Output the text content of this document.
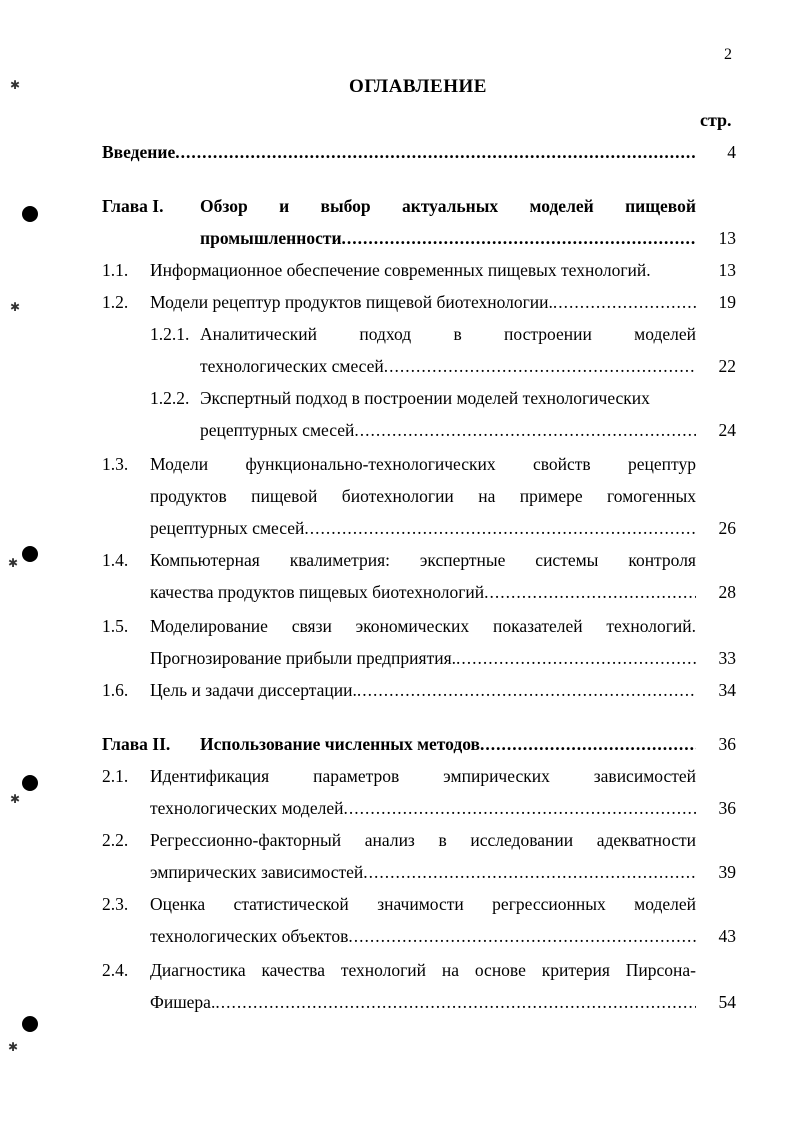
2
ОГЛАВЛЕНИЕ
стр.
✱
✱
✱
✱
✱
Введение .....	4
Глава I. Обзор и выбор актуальных моделей пищевой
промышленности .....	13
1.1. Информационное обеспечение современных пищевых технологий.	13
1.2. Модели рецептур продуктов пищевой биотехнологии. .....	19
1.2.1. Аналитический подход в построении моделей
технологических смесей .....	22
1.2.2. Экспертный подход в построении моделей технологических
рецептурных смесей .....	24
1.3. Модели функционально-технологических свойств рецептур
продуктов пищевой биотехнологии на примере гомогенных
рецептурных смесей .....	26
1.4. Компьютерная квалиметрия: экспертные системы контроля
качества продуктов пищевых биотехнологий .....	28
1.5. Моделирование связи экономических показателей технологий.
Прогнозирование прибыли предприятия. .....	33
1.6. Цель и задачи диссертации. .....	34
Глава II. Использование численных методов .....	36
2.1. Идентификация	параметров	эмпирических	зависимостей
технологических моделей .....	36
2.2. Регрессионно-факторный анализ в исследовании адекватности
эмпирических зависимостей .....	39
2.3. Оценка статистической значимости регрессионных моделей
технологических объектов .....	43
2.4. Диагностика качества технологий на основе критерия Пирсона-
Фишера. .....	54
